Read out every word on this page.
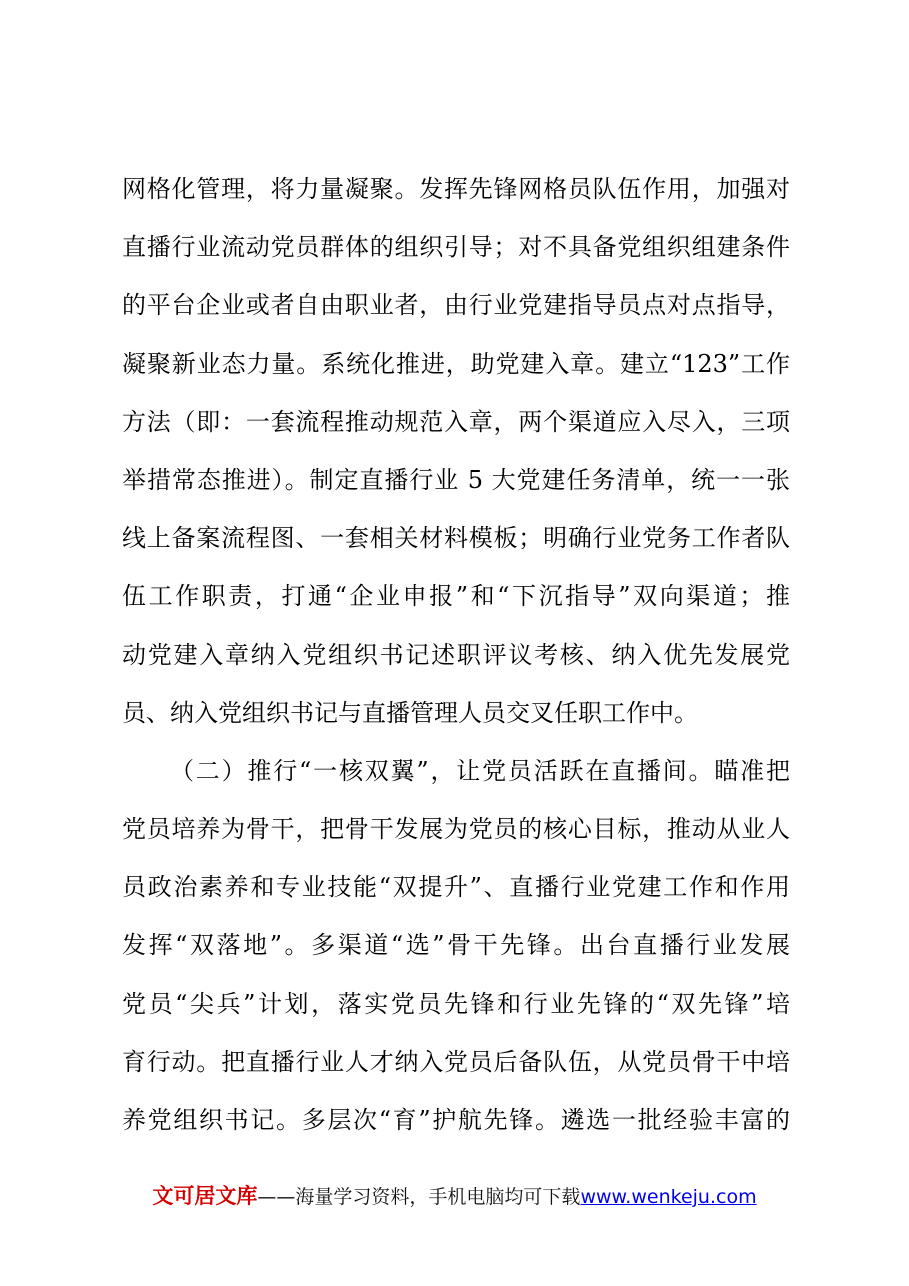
网格化管理，将力量凝聚。发挥先锋网格员队伍作用，加强对
直播行业流动党员群体的组织引导；对不具备党组织组建条件
的平台企业或者自由职业者，由行业党建指导员点对点指导，
凝聚新业态力量。系统化推进，助党建入章。建立“123”工作
方法（即：一套流程推动规范入章，两个渠道应入尽入，三项
举措常态推进）。制定直播行业 5 大党建任务清单，统一一张
线上备案流程图、一套相关材料模板；明确行业党务工作者队
伍工作职责，打通“企业申报”和“下沉指导”双向渠道；推
动党建入章纳入党组织书记述职评议考核、纳入优先发展党
员、纳入党组织书记与直播管理人员交叉任职工作中。
（二）推行“一核双翼”，让党员活跃在直播间。瞄准把
党员培养为骨干，把骨干发展为党员的核心目标，推动从业人
员政治素养和专业技能“双提升”、直播行业党建工作和作用
发挥“双落地”。多渠道“选”骨干先锋。出台直播行业发展
党员“尖兵”计划，落实党员先锋和行业先锋的“双先锋”培
育行动。把直播行业人才纳入党员后备队伍，从党员骨干中培
养党组织书记。多层次“育”护航先锋。遴选一批经验丰富的
文可居文库——海量学习资料，手机电脑均可下载www.wenkeju.com
